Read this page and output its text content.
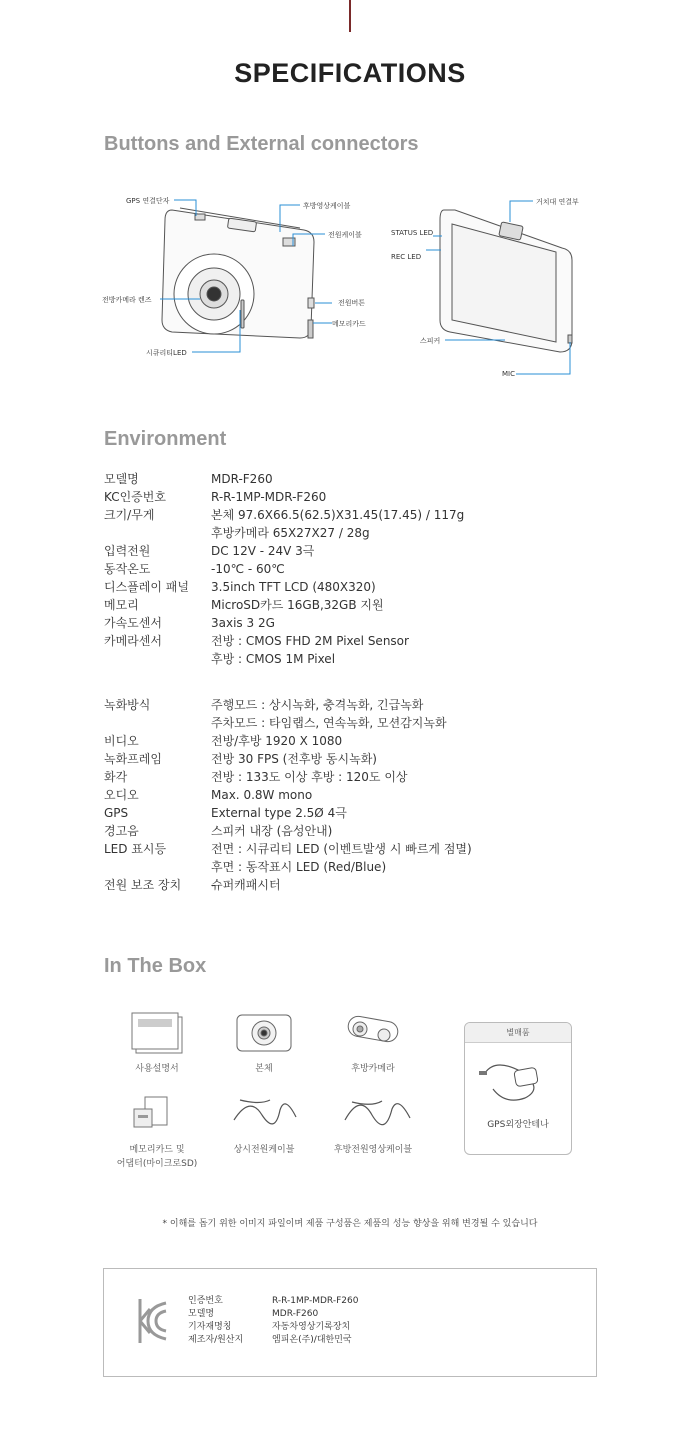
SPECIFICATIONS
Buttons and External connectors
GPS 연결단자
후방영상케이블
전원케이블
전방카메라 렌즈	전원버튼
메모리카드
시큐리티LED
거치대 연결부
STATUS LED
REC LED
스피커
MIC
Environment
모델명	MDR-F260
KC인증번호	R-R-1MP-MDR-F260
크기/무게	본체 97.6X66.5(62.5)X31.45(17.45) / 117g
후방카메라 65X27X27 / 28g
입력전원	DC 12V - 24V 3극
동작온도	-10℃ - 60℃
디스플레이 패널	3.5inch TFT LCD (480X320)
메모리	MicroSD카드 16GB,32GB 지원
가속도센서	3axis 3 2G
카메라센서	전방 : CMOS FHD 2M Pixel Sensor
후방 : CMOS 1M Pixel
녹화방식	주행모드 : 상시녹화, 충격녹화, 긴급녹화
주차모드 : 타임랩스, 연속녹화, 모션감지녹화
비디오	전방/후방 1920 X 1080
녹화프레임	전방 30 FPS (전후방 동시녹화)
화각	전방 : 133도 이상 후방 : 120도 이상
오디오	Max. 0.8W mono
GPS	External type 2.5Ø 4극
경고음	스피커 내장 (음성안내)
LED 표시등	전면 : 시큐리티 LED (이벤트발생 시 빠르게 점멸)
후면 : 동작표시 LED (Red/Blue)
전원 보조 장치	슈퍼캐패시터
In The Box
사용설명서	본체	후방카메라
메모리카드 및
어댑터(마이크로SD)
상시전원케이블	후방전원영상케이블
별매품
GPS외장안테나
* 이해를 돕기 위한 이미지 파일이며 제품 구성품은 제품의 성능 향상을 위해 변경될 수 있습니다
인증번호	R-R-1MP-MDR-F260
모델명	MDR-F260
기자재명칭	자동차영상기록장치
제조자/원산지	엠피온(주)/대한민국
